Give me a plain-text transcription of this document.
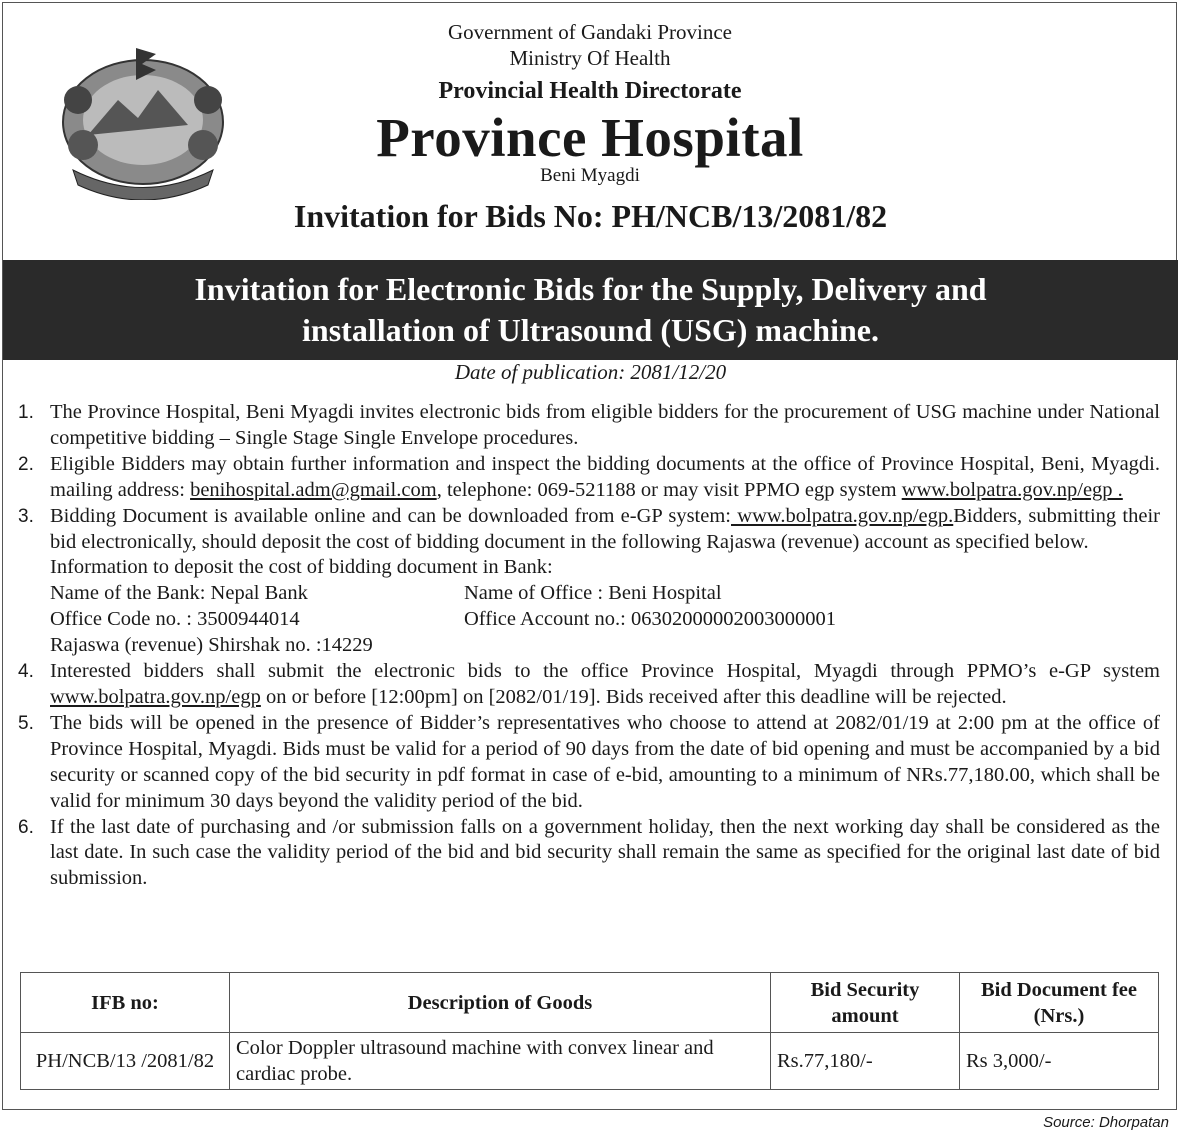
Government of Gandaki Province
Ministry Of Health
Provincial Health Directorate
Province Hospital
Beni Myagdi
Invitation for Bids No: PH/NCB/13/2081/82
Invitation for Electronic Bids for the Supply, Delivery and
installation of Ultrasound (USG) machine.
Date of publication: 2081/12/20
1. The Province Hospital, Beni Myagdi invites electronic bids from eligible bidders for the procurement of USG machine under National competitive bidding – Single Stage Single Envelope procedures.
2. Eligible Bidders may obtain further information and inspect the bidding documents at the office of Province Hospital, Beni, Myagdi. mailing address: benihospital.adm@gmail.com, telephone: 069-521188 or may visit PPMO egp system www.bolpatra.gov.np/egp .
3. Bidding Document is available online and can be downloaded from e-GP system: www.bolpatra.gov.np/egp.Bidders, submitting their bid electronically, should deposit the cost of bidding document in the following Rajaswa (revenue) account as specified below.
Information to deposit the cost of bidding document in Bank:
Name of the Bank: Nepal Bank	Name of Office : Beni Hospital
Office Code no. : 3500944014	Office Account no.: 06302000002003000001
Rajaswa (revenue) Shirshak no. :14229
4. Interested bidders shall submit the electronic bids to the office Province Hospital, Myagdi through PPMO’s e-GP system www.bolpatra.gov.np/egp on or before [12:00pm] on [2082/01/19]. Bids received after this deadline will be rejected.
5. The bids will be opened in the presence of Bidder’s representatives who choose to attend at 2082/01/19 at 2:00 pm at the office of Province Hospital, Myagdi. Bids must be valid for a period of 90 days from the date of bid opening and must be accompanied by a bid security or scanned copy of the bid security in pdf format in case of e-bid, amounting to a minimum of NRs.77,180.00, which shall be valid for minimum 30 days beyond the validity period of the bid.
6. If the last date of purchasing and /or submission falls on a government holiday, then the next working day shall be considered as the last date. In such case the validity period of the bid and bid security shall remain the same as specified for the original last date of bid submission.
IFB no:	Description of Goods	Bid Security amount	Bid Document fee (Nrs.)
PH/NCB/13 /2081/82	Color Doppler ultrasound machine with convex linear and cardiac probe.	Rs.77,180/-	Rs 3,000/-
Source: Dhorpatan
